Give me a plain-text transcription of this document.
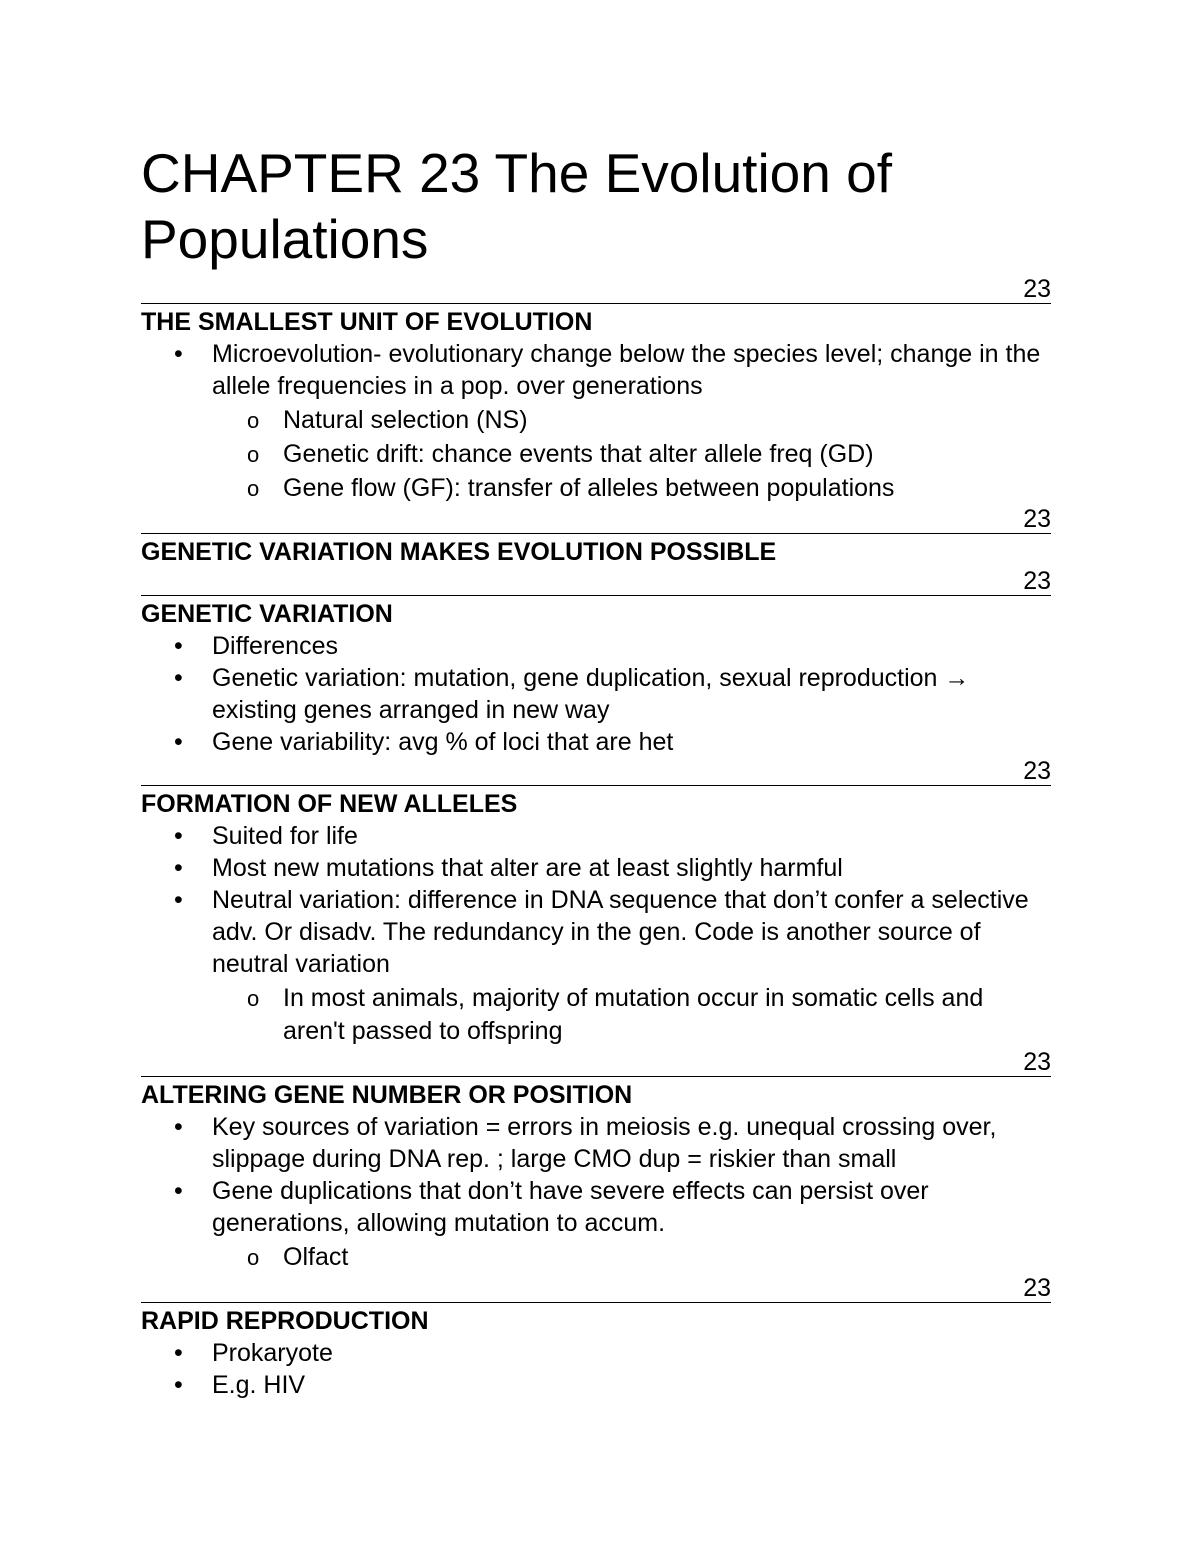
CHAPTER 23 The Evolution of Populations
23
THE SMALLEST UNIT OF EVOLUTION
• Microevolution- evolutionary change below the species level; change in the allele frequencies in a pop. over generations
o Natural selection (NS)
o Genetic drift: chance events that alter allele freq (GD)
o Gene flow (GF): transfer of alleles between populations
23
GENETIC VARIATION MAKES EVOLUTION POSSIBLE
23
GENETIC VARIATION
• Differences
• Genetic variation: mutation, gene duplication, sexual reproduction → existing genes arranged in new way
• Gene variability: avg % of loci that are het
23
FORMATION OF NEW ALLELES
• Suited for life
• Most new mutations that alter are at least slightly harmful
• Neutral variation: difference in DNA sequence that don’t confer a selective adv. Or disadv. The redundancy in the gen. Code is another source of neutral variation
o In most animals, majority of mutation occur in somatic cells and aren't passed to offspring
23
ALTERING GENE NUMBER OR POSITION
• Key sources of variation = errors in meiosis e.g. unequal crossing over, slippage during DNA rep. ; large CMO dup = riskier than small
• Gene duplications that don’t have severe effects can persist over generations, allowing mutation to accum.
o Olfact
23
RAPID REPRODUCTION
• Prokaryote
• E.g. HIV
